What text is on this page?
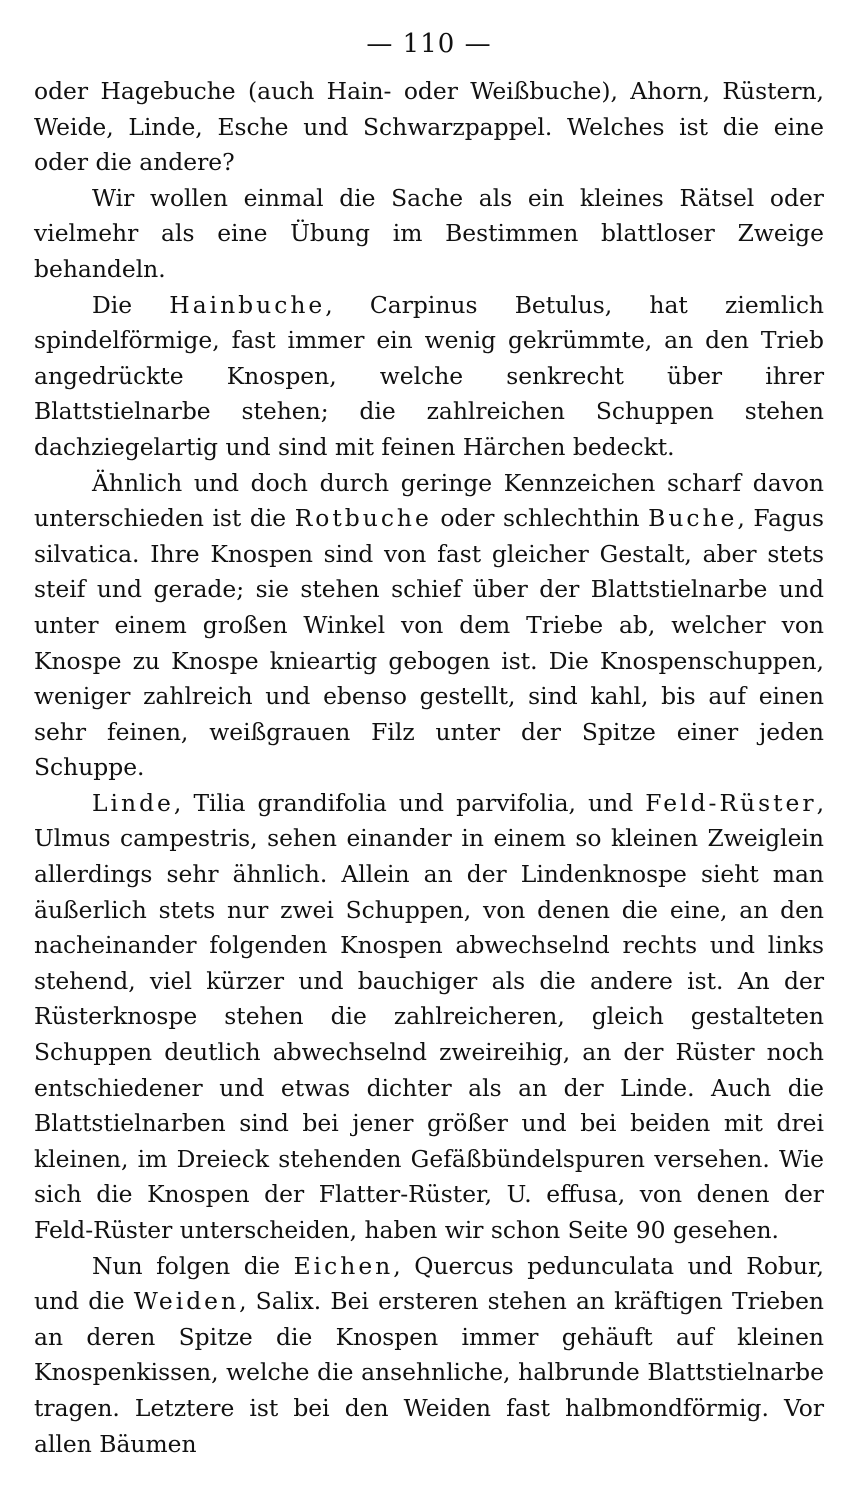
— 110 —

oder Hagebuche (auch Hain- oder Weißbuche), Ahorn, Rüstern, Weide, Linde, Esche und Schwarzpappel. Welches ist die eine oder die andere?

Wir wollen einmal die Sache als ein kleines Rätsel oder vielmehr als eine Übung im Bestimmen blattloser Zweige behandeln.

Die Hainbuche, Carpinus Betulus, hat ziemlich spindelförmige, fast immer ein wenig gekrümmte, an den Trieb angedrückte Knospen, welche senkrecht über ihrer Blattstielnarbe stehen; die zahlreichen Schuppen stehen dachziegelartig und sind mit feinen Härchen bedeckt.

Ähnlich und doch durch geringe Kennzeichen scharf davon unterschieden ist die Rotbuche oder schlechthin Buche, Fagus silvatica. Ihre Knospen sind von fast gleicher Gestalt, aber stets steif und gerade; sie stehen schief über der Blattstielnarbe und unter einem großen Winkel von dem Triebe ab, welcher von Knospe zu Knospe knieartig gebogen ist. Die Knospenschuppen, weniger zahlreich und ebenso gestellt, sind kahl, bis auf einen sehr feinen, weißgrauen Filz unter der Spitze einer jeden Schuppe.

Linde, Tilia grandifolia und parvifolia, und Feld-Rüster, Ulmus campestris, sehen einander in einem so kleinen Zweiglein allerdings sehr ähnlich. Allein an der Lindenknospe sieht man äußerlich stets nur zwei Schuppen, von denen die eine, an den nacheinander folgenden Knospen abwechselnd rechts und links stehend, viel kürzer und bauchiger als die andere ist. An der Rüsterknospe stehen die zahlreicheren, gleich gestalteten Schuppen deutlich abwechselnd zweireihig, an der Rüster noch entschiedener und etwas dichter als an der Linde. Auch die Blattstielnarben sind bei jener größer und bei beiden mit drei kleinen, im Dreieck stehenden Gefäßbündelspuren versehen. Wie sich die Knospen der Flatter-Rüster, U. effusa, von denen der Feld-Rüster unterscheiden, haben wir schon Seite 90 gesehen.

Nun folgen die Eichen, Quercus pedunculata und Robur, und die Weiden, Salix. Bei ersteren stehen an kräftigen Trieben an deren Spitze die Knospen immer gehäuft auf kleinen Knospenkissen, welche die ansehnliche, halbrunde Blattstielnarbe tragen. Letztere ist bei den Weiden fast halbmondförmig. Vor allen Bäumen
